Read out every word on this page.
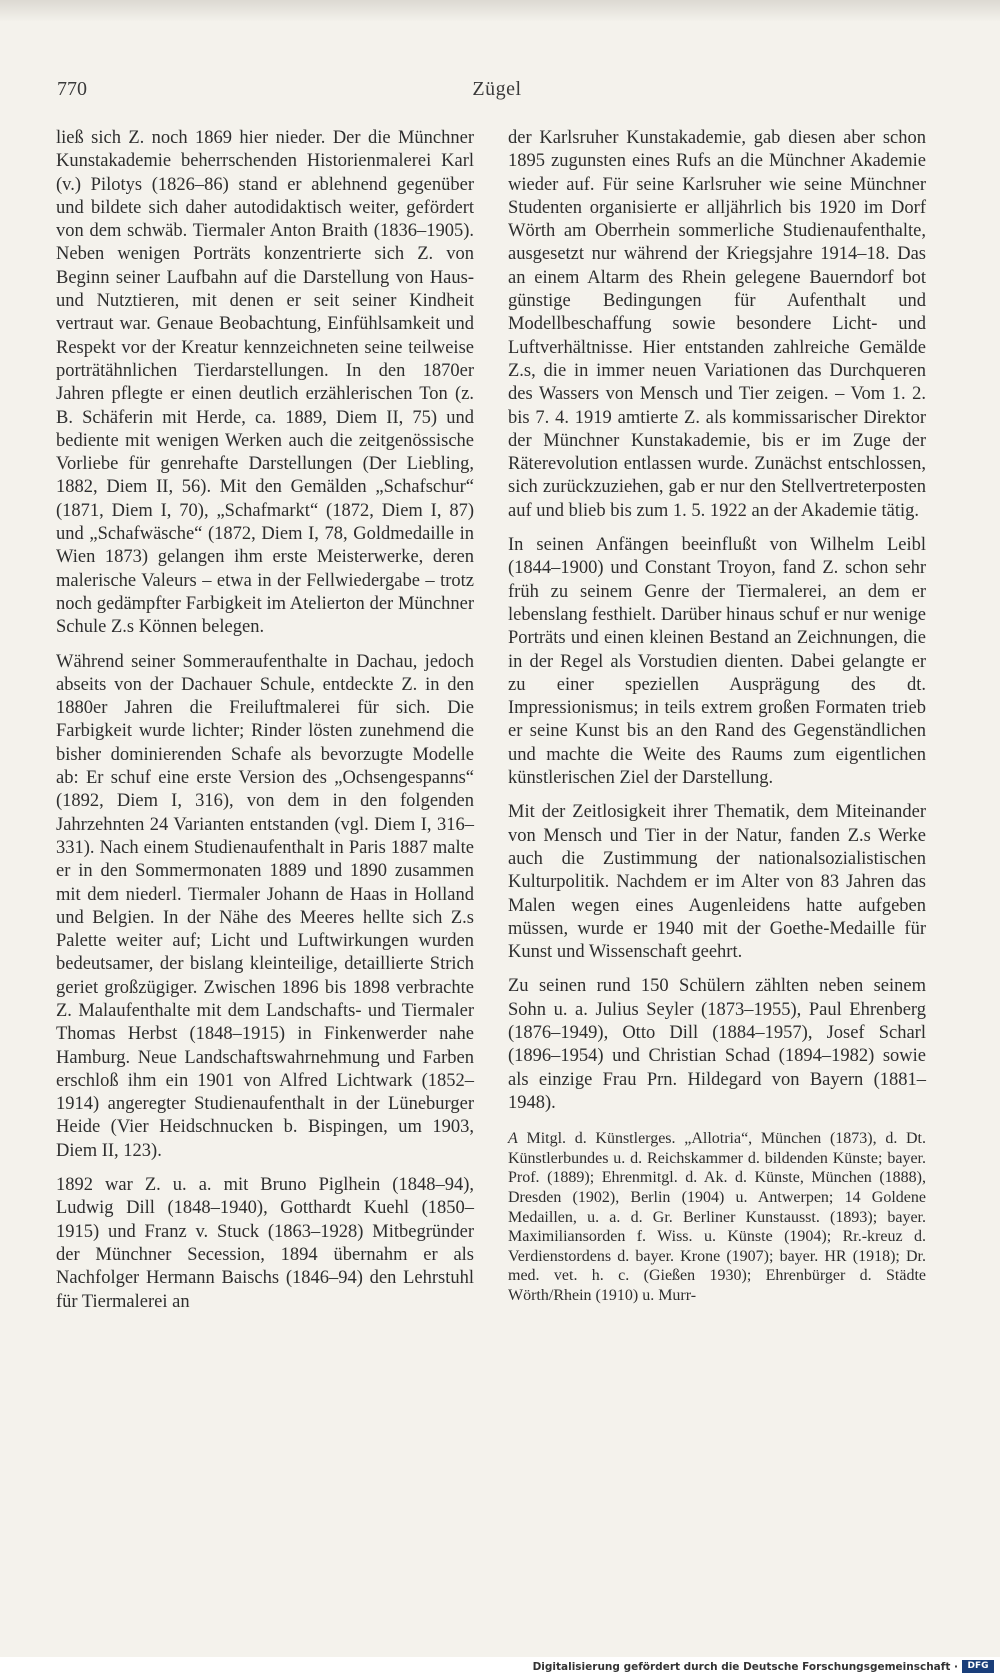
770	Zügel

ließ sich Z. noch 1869 hier nieder. Der die Münchner Kunstakademie beherrschenden Historienmalerei Karl (v.) Pilotys (1826–86) stand er ablehnend gegenüber und bildete sich daher autodidaktisch weiter, gefördert von dem schwäb. Tiermaler Anton Braith (1836–1905). Neben wenigen Porträts konzentrierte sich Z. von Beginn seiner Laufbahn auf die Darstellung von Haus- und Nutztieren, mit denen er seit seiner Kindheit vertraut war. Genaue Beobachtung, Einfühlsamkeit und Respekt vor der Kreatur kennzeichneten seine teilweise porträtähnlichen Tierdarstellungen. In den 1870er Jahren pflegte er einen deutlich erzählerischen Ton (z. B. Schäferin mit Herde, ca. 1889, Diem II, 75) und bediente mit wenigen Werken auch die zeitgenössische Vorliebe für genrehafte Darstellungen (Der Liebling, 1882, Diem II, 56). Mit den Gemälden „Schafschur“ (1871, Diem I, 70), „Schafmarkt“ (1872, Diem I, 87) und „Schafwäsche“ (1872, Diem I, 78, Goldmedaille in Wien 1873) gelangen ihm erste Meisterwerke, deren malerische Valeurs – etwa in der Fellwiedergabe – trotz noch gedämpfter Farbigkeit im Atelierton der Münchner Schule Z.s Können belegen.

Während seiner Sommeraufenthalte in Dachau, jedoch abseits von der Dachauer Schule, entdeckte Z. in den 1880er Jahren die Freiluftmalerei für sich. Die Farbigkeit wurde lichter; Rinder lösten zunehmend die bisher dominierenden Schafe als bevorzugte Modelle ab: Er schuf eine erste Version des „Ochsengespanns“ (1892, Diem I, 316), von dem in den folgenden Jahrzehnten 24 Varianten entstanden (vgl. Diem I, 316–331). Nach einem Studienaufenthalt in Paris 1887 malte er in den Sommermonaten 1889 und 1890 zusammen mit dem niederl. Tiermaler Johann de Haas in Holland und Belgien. In der Nähe des Meeres hellte sich Z.s Palette weiter auf; Licht und Luftwirkungen wurden bedeutsamer, der bislang kleinteilige, detaillierte Strich geriet großzügiger. Zwischen 1896 bis 1898 verbrachte Z. Malaufenthalte mit dem Landschafts- und Tiermaler Thomas Herbst (1848–1915) in Finkenwerder nahe Hamburg. Neue Landschaftswahrnehmung und Farben erschloß ihm ein 1901 von Alfred Lichtwark (1852–1914) angeregter Studienaufenthalt in der Lüneburger Heide (Vier Heidschnucken b. Bispingen, um 1903, Diem II, 123).

1892 war Z. u. a. mit Bruno Piglhein (1848–94), Ludwig Dill (1848–1940), Gotthardt Kuehl (1850–1915) und Franz v. Stuck (1863–1928) Mitbegründer der Münchner Secession, 1894 übernahm er als Nachfolger Hermann Baischs (1846–94) den Lehrstuhl für Tiermalerei an

der Karlsruher Kunstakademie, gab diesen aber schon 1895 zugunsten eines Rufs an die Münchner Akademie wieder auf. Für seine Karlsruher wie seine Münchner Studenten organisierte er alljährlich bis 1920 im Dorf Wörth am Oberrhein sommerliche Studienaufenthalte, ausgesetzt nur während der Kriegsjahre 1914–18. Das an einem Altarm des Rhein gelegene Bauerndorf bot günstige Bedingungen für Aufenthalt und Modellbeschaffung sowie besondere Licht- und Luftverhältnisse. Hier entstanden zahlreiche Gemälde Z.s, die in immer neuen Variationen das Durchqueren des Wassers von Mensch und Tier zeigen. – Vom 1. 2. bis 7. 4. 1919 amtierte Z. als kommissarischer Direktor der Münchner Kunstakademie, bis er im Zuge der Räterevolution entlassen wurde. Zunächst entschlossen, sich zurückzuziehen, gab er nur den Stellvertreterposten auf und blieb bis zum 1. 5. 1922 an der Akademie tätig.

In seinen Anfängen beeinflußt von Wilhelm Leibl (1844–1900) und Constant Troyon, fand Z. schon sehr früh zu seinem Genre der Tiermalerei, an dem er lebenslang festhielt. Darüber hinaus schuf er nur wenige Porträts und einen kleinen Bestand an Zeichnungen, die in der Regel als Vorstudien dienten. Dabei gelangte er zu einer speziellen Ausprägung des dt. Impressionismus; in teils extrem großen Formaten trieb er seine Kunst bis an den Rand des Gegenständlichen und machte die Weite des Raums zum eigentlichen künstlerischen Ziel der Darstellung.

Mit der Zeitlosigkeit ihrer Thematik, dem Miteinander von Mensch und Tier in der Natur, fanden Z.s Werke auch die Zustimmung der nationalsozialistischen Kulturpolitik. Nachdem er im Alter von 83 Jahren das Malen wegen eines Augenleidens hatte aufgeben müssen, wurde er 1940 mit der Goethe-Medaille für Kunst und Wissenschaft geehrt.

Zu seinen rund 150 Schülern zählten neben seinem Sohn u. a. Julius Seyler (1873–1955), Paul Ehrenberg (1876–1949), Otto Dill (1884–1957), Josef Scharl (1896–1954) und Christian Schad (1894–1982) sowie als einzige Frau Prn. Hildegard von Bayern (1881–1948).

A Mitgl. d. Künstlerges. „Allotria“, München (1873), d. Dt. Künstlerbundes u. d. Reichskammer d. bildenden Künste; bayer. Prof. (1889); Ehrenmitgl. d. Ak. d. Künste, München (1888), Dresden (1902), Berlin (1904) u. Antwerpen; 14 Goldene Medaillen, u. a. d. Gr. Berliner Kunstausst. (1893); bayer. Maximiliansorden f. Wiss. u. Künste (1904); Rr.-kreuz d. Verdienstordens d. bayer. Krone (1907); bayer. HR (1918); Dr. med. vet. h. c. (Gießen 1930); Ehrenbürger d. Städte Wörth/Rhein (1910) u. Murr-

Digitalisierung gefördert durch die Deutsche Forschungsgemeinschaft ·	DFG
